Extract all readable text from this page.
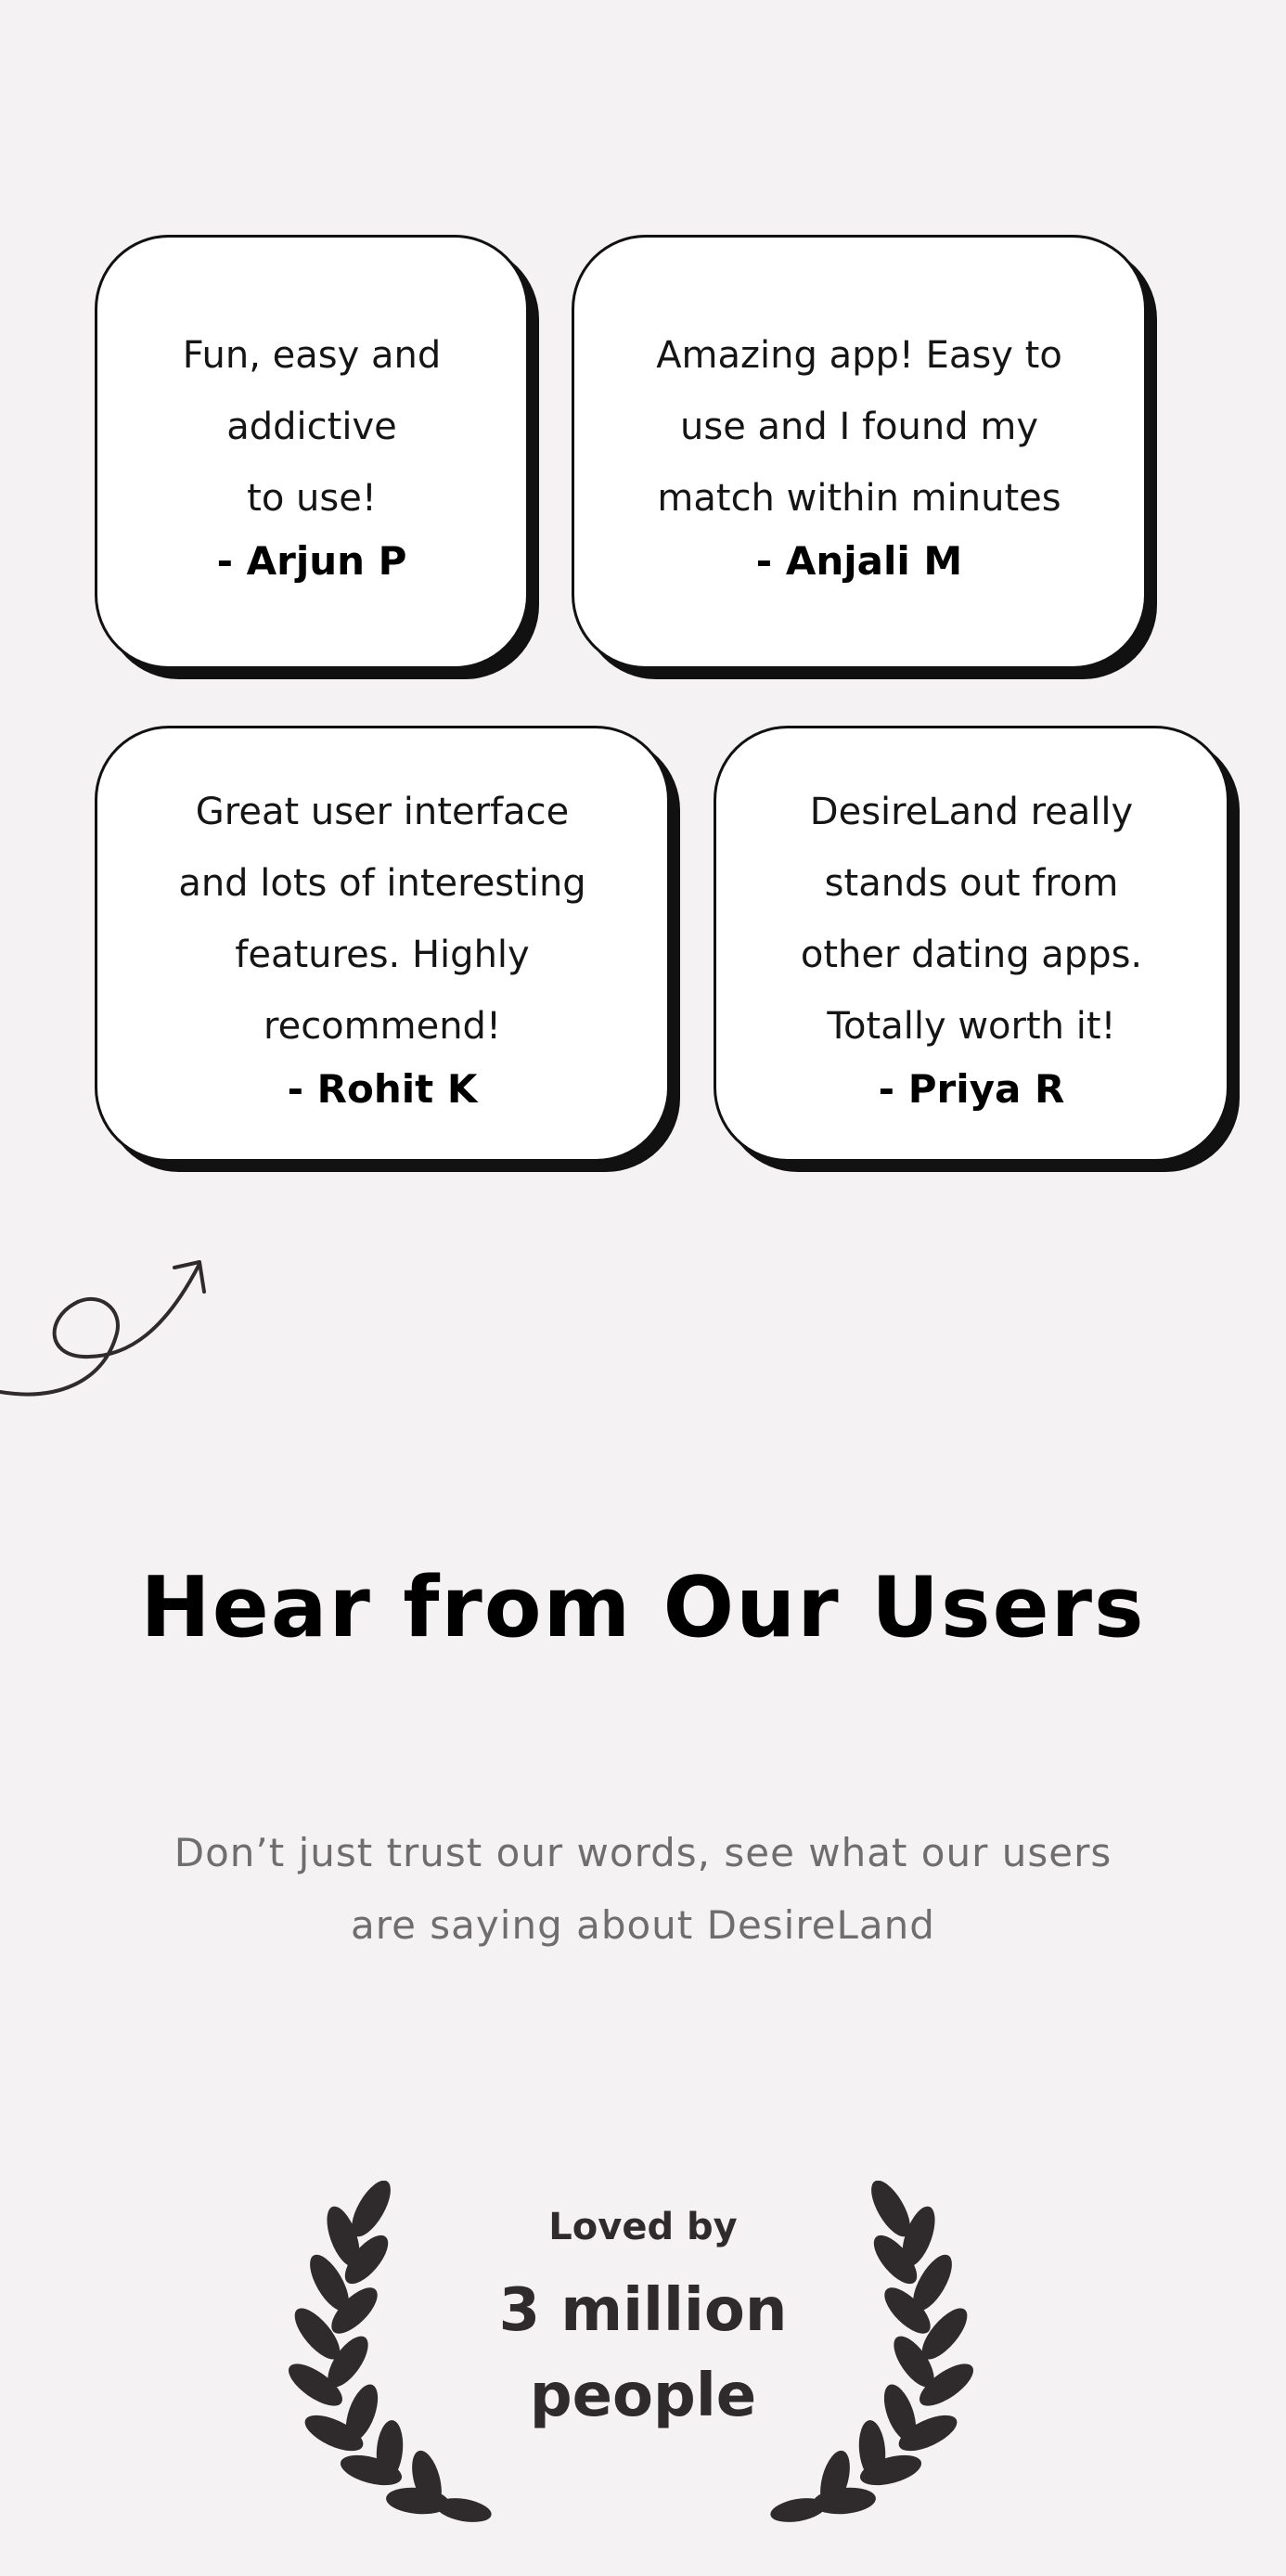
Fun, easy and
addictive
to use!

- Arjun P

Amazing app! Easy to
use and I found my
match within minutes

- Anjali M

Great user interface
and lots of interesting
features. Highly
recommend!

- Rohit K

DesireLand really
stands out from
other dating apps.
Totally worth it!

- Priya R
Hear from Our Users

Don’t just trust our words, see what our users
are saying about DesireLand

Loved by

3 million
people
